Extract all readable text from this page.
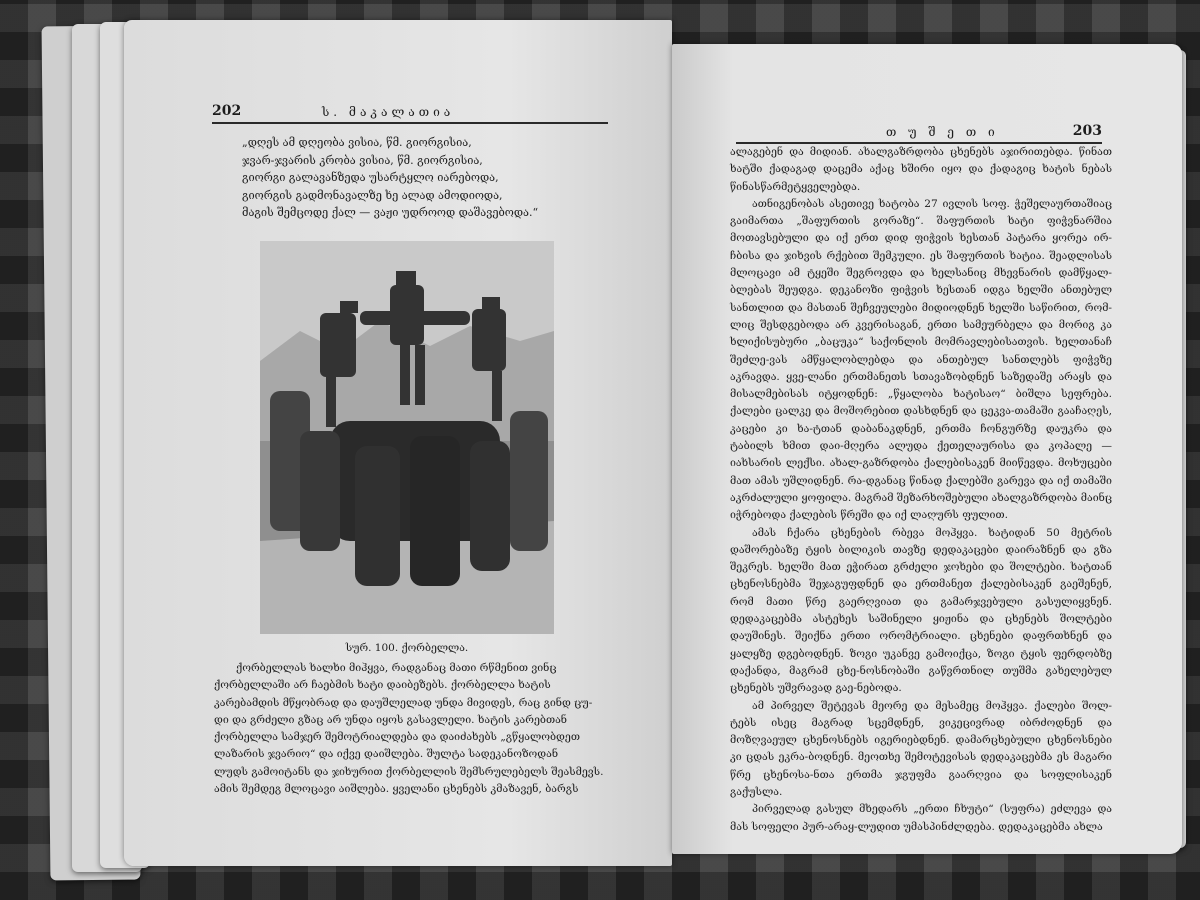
202	ს. მაკალათია

„დღეს ამ დღეობა ვისია, წმ. გიორგისია,

ჯვარ-ჯვარის კრობა ვისია, წმ. გიორგისია,

გიორგი გალავანზედა უსარტყლო იარებოდა,

გიორგის გადმონავალზე ხე ალად ამოდიოდა,

მაგის შემცოდე ქალ — ვაჟი უდროოდ დაშავებოდა.“

სურ. 100. ქორბელლა.

ქორბელლას ხალხი მიჰყვა, რადგანაც მათი რწმენით ვინც

ქორბელლაში არ ჩაებმის ხატი დაიბეზებს. ქორბელლა ხატის

კარებამდის მწყობრად და დაუშლელად უნდა მივიდეს, რაც გინდ ცუ-

დი და გრძელი გზაც არ უნდა იყოს გასავლელი. ხატის კარებთან

ქორბელლა სამჯერ შემოტრიალდება და დაიძახებს „გწყალობდეთ

ლაზარის ჯვარიო“ და იქვე დაიშლება. შულტა სადეკანოზოდან

ლუდს გამოიტანს და ჯიხურით ქორბელლის შემსრულებელს შეასმევს.

ამის შემდეგ მლოცავი აიშლება. ყველანი ცხენებს კმაზავენ, ბარგს

თ უ შ ე თ ი	203

ალაგებენ და მიდიან. ახალგაზრდობა ცხენებს აჯირითებდა. წინათ ხატში ქადაგად დაცემა აქაც ხშირი იყო და ქადაგიც ხატის ნებას წინასწარმეტყველებდა.

ათნიგენობას ასეთივე ხატობა 27 ივლის სოფ. ჭეშელაურთაშიაც გაიმართა „შაფურთის გორაზე“. შაფურთის ხატი ფიჭვნარშია მოთავსებული და იქ ერთ დიდ ფიჭვის ხესთან პატარა ყორეა ირ-ჩბისა და ჯიხვის რქებით შემკული. ეს შაფურთის ხატია. შეადლისას მლოცავი ამ ტყეში შეგროვდა და ხელსანიც მხევნარის დამწყალ-ბლებას შეუდგა. დეკანოზი ფიჭვის ხესთან იდგა ხელში ანთებულ სანთლით და მასთან შეჩვეულები მიდიოდნენ ხელში საწირით, რომ-ლიც შესდგებოდა არ კვერისაგან, ერთი სამეურბელა და მორიგ კა ხლიქისუბური „ბაცუკა“ საქონლის მომრავლებისათვის. ხელთანაჩ შეძლე-ვას ამწყალობლებდა და ანთებულ სანთლებს ფიჭვზე აკრავდა. ყვე-ლანი ერთმანეთს სთავაზობდნენ საზედაშე არაყს და მისალმებისას იტყოდნენ: „წყალობა ხატისაო“ ბიშლა სეფრება. ქალები ცალკე და მოშორებით დასხდნენ და ცეკვა-თამაში გააჩაღეს, კაცები კი ხა-ტთან დაბანაკდნენ, ერთმა ჩონგურზე დაუკრა და ტაბილს ხმით დაი-მღერა ალუდა ქეთელაურისა და კოპალე — იახსარის ლექსი. ახალ-გაზრდობა ქალებისაკენ მიიწევდა. მოხუცები მათ ამას უშლიდნენ. რა-დგანაც წინად ქალებში გარევა და იქ თამაში აკრძალული ყოფილა. მაგრამ შეზარხოშებული ახალგაზრდობა მაინც იჭრებოდა ქალების წრეში და იქ ლაღურს ფულით.

ამას ჩქარა ცხენების რბევა მოჰყვა. ხატიდან 50 მეტრის დაშორებაზე ტყის ბილიკის თავზე დედაკაცები დაირაზნენ და გზა შეკრეს. ხელში მათ ეჭირათ გრძელი ჯოხები და შოლტები. ხატთან ცხენოსნებმა შეჯაგუფდნენ და ერთმანეთ ქალებისაკენ გაეშენენ, რომ მათი წრე გაერღვიათ და გამარჯვებული გასულიყვნენ. დედაკაცებმა ასტეხეს საშინელი ყიჟინა და ცხენებს შოლტები დაუშინეს. შეიქნა ერთი ორომტრიალი. ცხენები დაფრთხნენ და ყალყზე დგებოდნენ. ზოგი უკანვე გამოიქცა, ზოგი ტყის ფერდობზე დაქანდა, მაგრამ ცხე-ნოსნობაში გაწვრთნილ თუშმა გახელებულ ცხენებს უშვრავად გაე-ნებოდა.

ამ პირველ შეტევას მეორე და მესამეც მოჰყვა. ქალები შოლ-ტებს ისეც მაგრად სცემდნენ, ვიკეცივრად იბრძოდნენ და მოზღვაეულ ცხენოსნებს იგერიებდნენ. დამარცხებული ცხენოსნები კი ცდას ეკრა-ბოდნენ. მეოთხე შემოტევისას დედაკაცებმა ეს მაგარი წრე ცხენოსა-ნთა ერთმა ჯგუფმა გაარღვია და სოფლისაკენ გაქუსლა.

პირველად გასულ მხედარს „ერთი ჩხუტი“ (სუფრა) ეძლევა და მას სოფელი პურ-არაყ-ლუდით უმასპინძლდება. დედაკაცებმა ახლა
